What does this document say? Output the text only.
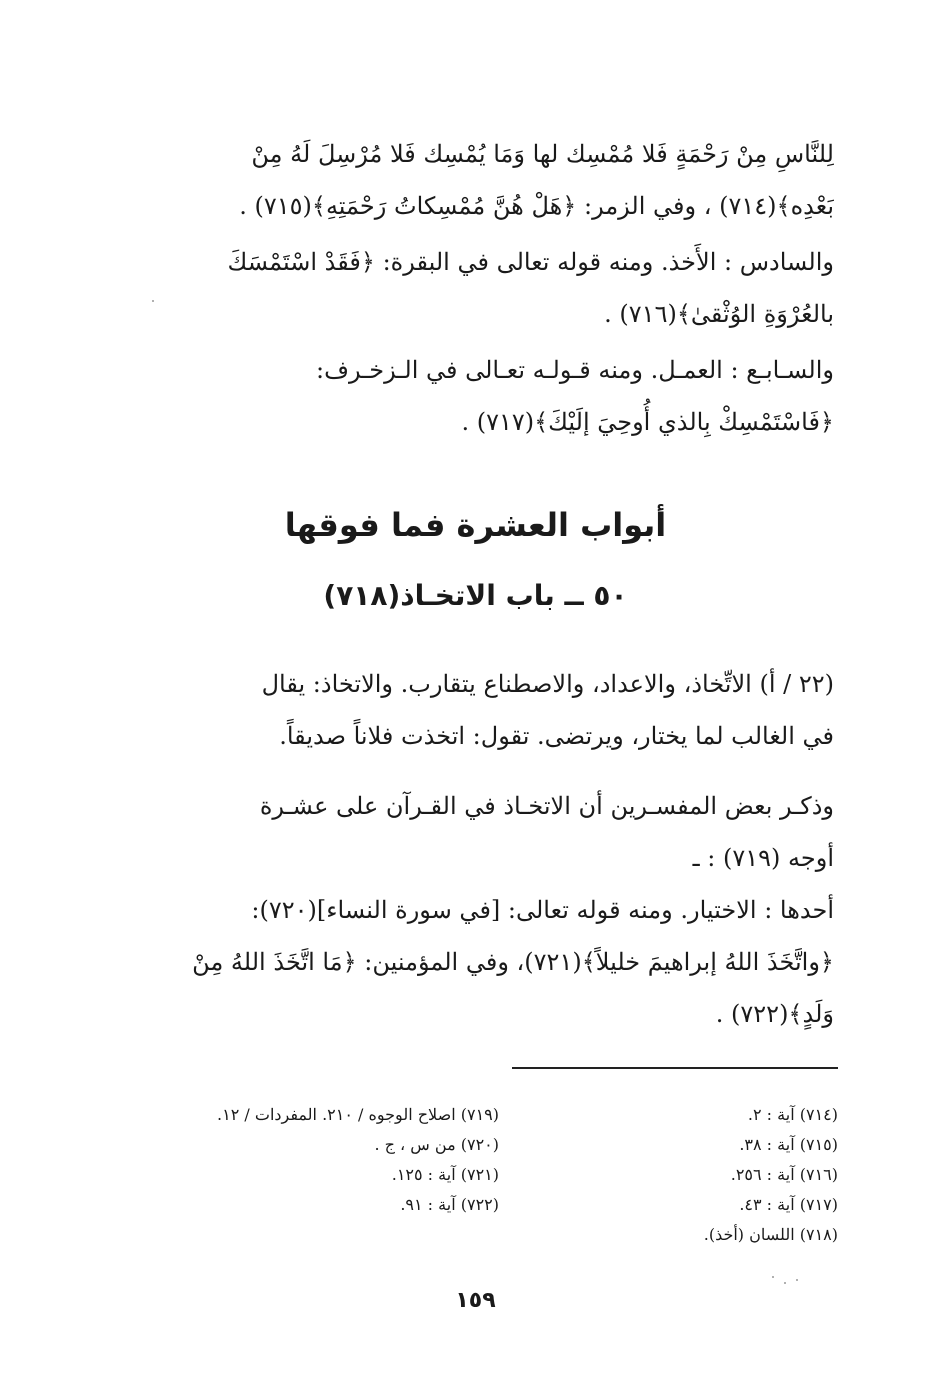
لِلنَّاسِ مِنْ رَحْمَةٍ فَلا مُمْسِك لها وَمَا يُمْسِك فَلا مُرْسِلَ لَهُ مِنْ
بَعْدِه﴾(٧١٤) ، وفي الزمر: ﴿هَلْ هُنَّ مُمْسِكاتُ رَحْمَتِهِ﴾(٧١٥) .
والسادس : الأَخذ. ومنه قوله تعالى في البقرة: ﴿فَقَدْ اسْتَمْسَكَ
بالعُرْوَةِ الوُثْقىٰ﴾(٧١٦) .
والسـابـع : العمـل. ومنه قـولـه تعـالى في الـزخـرف:
﴿فَاسْتَمْسِكْ بِالذي أُوحِيَ إلَيْكَ﴾(٧١٧) .
أبواب العشرة فما فوقها
٥٠ ــ باب الاتخـاذ(٧١٨)
(٢٢ / أ) الاتِّخاذ، والاعداد، والاصطناع يتقارب. والاتخاذ: يقال
في الغالب لما يختار، ويرتضى. تقول: اتخذت فلاناً صديقاً.
وذكـر بعض المفسـرين أن الاتخـاذ في القـرآن على عشـرة
أوجه (٧١٩) : ـ
أحدها : الاختيار. ومنه قوله تعالى: [في سورة النساء](٧٢٠):
﴿واتَّخَذَ اللهُ إبراهيمَ خليلاً﴾(٧٢١)، وفي المؤمنين: ﴿مَا اتَّخَذَ اللهُ مِنْ
وَلَدٍ﴾(٧٢٢) .
(٧١٤) آية : ٢.
(٧١٥) آية : ٣٨.
(٧١٦) آية : ٢٥٦.
(٧١٧) آية : ٤٣.
(٧١٨) اللسان (أخذ).
(٧١٩) اصلاح الوجوه / ٢١٠. المفردات / ١٢.
(٧٢٠) من س ، ج .
(٧٢١) آية : ١٢٥.
(٧٢٢) آية : ٩١.
١٥٩
